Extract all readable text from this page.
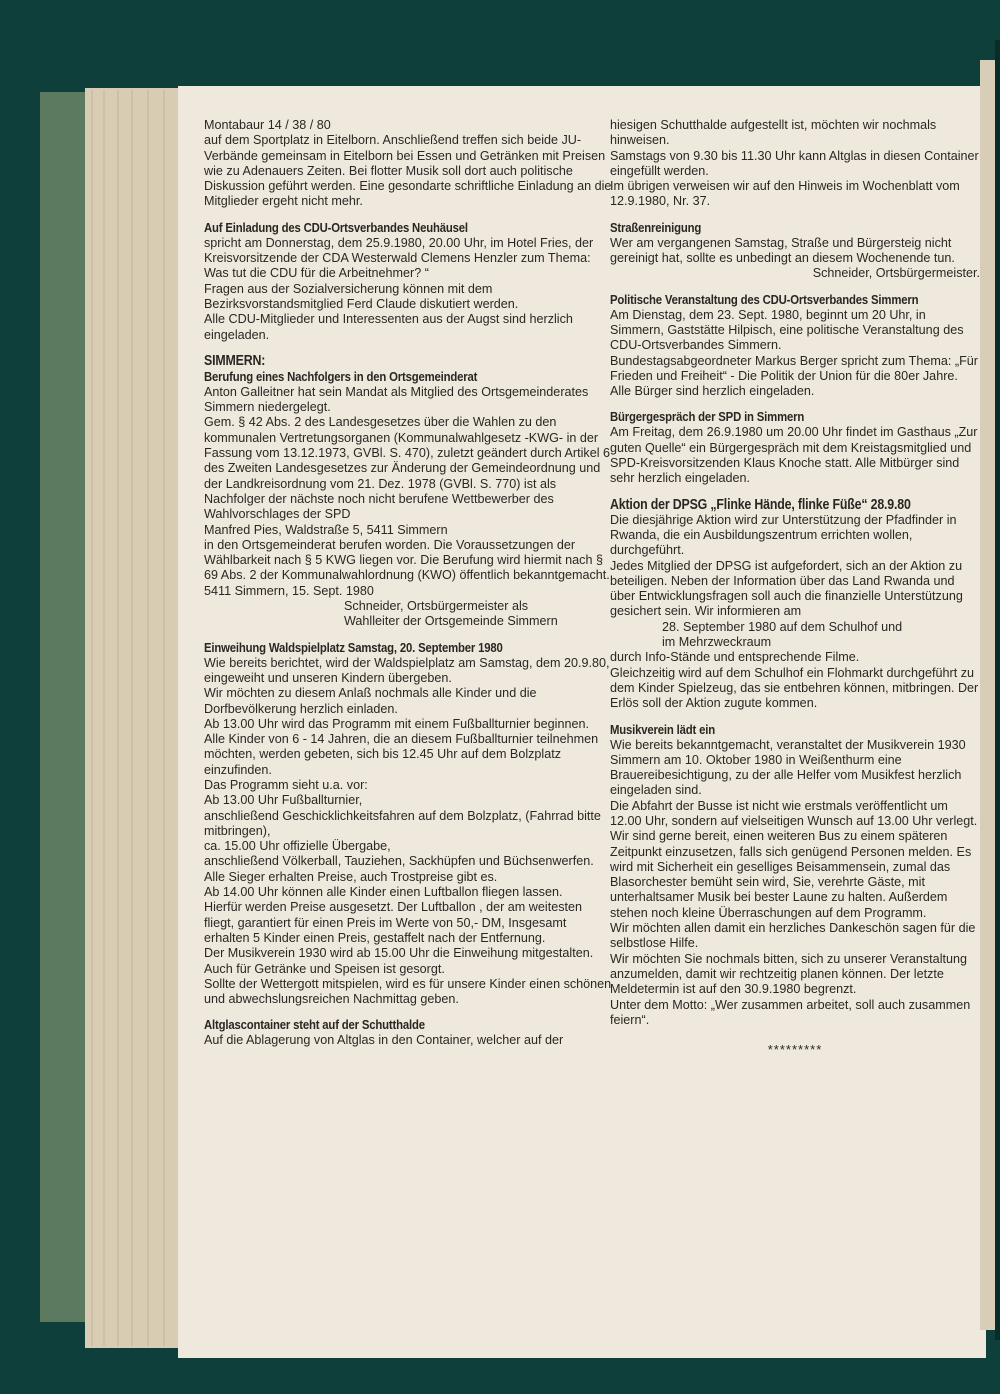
Montabaur 14 / 38 / 80

auf dem Sportplatz in Eitelborn. Anschließend treffen sich beide JU-Verbände gemeinsam in Eitelborn bei Essen und Getränken mit Preisen wie zu Adenauers Zeiten. Bei flotter Musik soll dort auch politische Diskussion geführt werden. Eine gesondarte schriftliche Einladung an die Mitglieder ergeht nicht mehr.

Auf Einladung des CDU-Ortsverbandes Neuhäusel

spricht am Donnerstag, dem 25.9.1980, 20.00 Uhr, im Hotel Fries, der Kreisvorsitzende der CDA Westerwald Clemens Henzler zum Thema:

Was tut die CDU für die Arbeitnehmer? “

Fragen aus der Sozialversicherung können mit dem Bezirksvorstandsmitglied Ferd Claude diskutiert werden.

Alle CDU-Mitglieder und Interessenten aus der Augst sind herzlich eingeladen.

SIMMERN:
Berufung eines Nachfolgers in den Ortsgemeinderat

Anton Galleitner hat sein Mandat als Mitglied des Ortsgemeinderates Simmern niedergelegt.

Gem. § 42 Abs. 2 des Landesgesetzes über die Wahlen zu den kommunalen Vertretungsorganen (Kommunalwahlgesetz -KWG- in der Fassung vom 13.12.1973, GVBl. S. 470), zuletzt geändert durch Artikel 6 des Zweiten Landesgesetzes zur Änderung der Gemeindeordnung und der Landkreisordnung vom 21. Dez. 1978 (GVBl. S. 770) ist als Nachfolger der nächste noch nicht berufene Wettbewerber des Wahlvorschlages der SPD

Manfred Pies, Waldstraße 5, 5411 Simmern

in den Ortsgemeinderat berufen worden. Die Voraussetzungen der Wählbarkeit nach § 5 KWG liegen vor. Die Berufung wird hiermit nach § 69 Abs. 2 der Kommunalwahlordnung (KWO) öffentlich bekanntgemacht.

5411 Simmern, 15. Sept. 1980

Schneider, Ortsbürgermeister als

Wahlleiter der Ortsgemeinde Simmern

Einweihung Waldspielplatz Samstag, 20. September 1980

Wie bereits berichtet, wird der Waldspielplatz am Samstag, dem 20.9.80, eingeweiht und unseren Kindern übergeben.

Wir möchten zu diesem Anlaß nochmals alle Kinder und die Dorfbevölkerung herzlich einladen.

Ab 13.00 Uhr wird das Programm mit einem Fußballturnier beginnen.

Alle Kinder von 6 - 14 Jahren, die an diesem Fußballturnier teilnehmen möchten, werden gebeten, sich bis 12.45 Uhr auf dem Bolzplatz einzufinden.

Das Programm sieht u.a. vor:

Ab 13.00 Uhr Fußballturnier,

anschließend Geschicklichkeitsfahren auf dem Bolzplatz, (Fahrrad bitte mitbringen),

ca. 15.00 Uhr offizielle Übergabe,

anschließend Völkerball, Tauziehen, Sackhüpfen und Büchsenwerfen.

Alle Sieger erhalten Preise, auch Trostpreise gibt es.

Ab 14.00 Uhr können alle Kinder einen Luftballon fliegen lassen.

Hierfür werden Preise ausgesetzt. Der Luftballon , der am weitesten fliegt, garantiert für einen Preis im Werte von 50,- DM, Insgesamt erhalten 5 Kinder einen Preis, gestaffelt nach der Entfernung.

Der Musikverein 1930 wird ab 15.00 Uhr die Einweihung mitgestalten.

Auch für Getränke und Speisen ist gesorgt.

Sollte der Wettergott mitspielen, wird es für unsere Kinder einen schönen und abwechslungsreichen Nachmittag geben.

Altglascontainer steht auf der Schutthalde

Auf die Ablagerung von Altglas in den Container, welcher auf der

hiesigen Schutthalde aufgestellt ist, möchten wir nochmals hinweisen.

Samstags von 9.30 bis 11.30 Uhr kann Altglas in diesen Container eingefüllt werden.

Im übrigen verweisen wir auf den Hinweis im Wochenblatt vom 12.9.1980, Nr. 37.

Straßenreinigung

Wer am vergangenen Samstag, Straße und Bürgersteig nicht gereinigt hat, sollte es unbedingt an diesem Wochenende tun.

Schneider, Ortsbürgermeister.

Politische Veranstaltung des CDU-Ortsverbandes Simmern

Am Dienstag, dem 23. Sept. 1980, beginnt um 20 Uhr, in Simmern, Gaststätte Hilpisch, eine politische Veranstaltung des CDU-Ortsverbandes Simmern.

Bundestagsabgeordneter Markus Berger spricht zum Thema: „Für Frieden und Freiheit“ - Die Politik der Union für die 80er Jahre. Alle Bürger sind herzlich eingeladen.

Bürgergespräch der SPD in Simmern

Am Freitag, dem 26.9.1980 um 20.00 Uhr findet im Gasthaus „Zur guten Quelle“ ein Bürgergespräch mit dem Kreistagsmitglied und SPD-Kreisvorsitzenden Klaus Knoche statt. Alle Mitbürger sind sehr herzlich eingeladen.

Aktion der DPSG „Flinke Hände, flinke Füße“ 28.9.80

Die diesjährige Aktion wird zur Unterstützung der Pfadfinder in Rwanda, die ein Ausbildungszentrum errichten wollen, durchgeführt.

Jedes Mitglied der DPSG ist aufgefordert, sich an der Aktion zu beteiligen. Neben der Information über das Land Rwanda und über Entwicklungsfragen soll auch die finanzielle Unterstützung gesichert sein. Wir informieren am

28. September 1980 auf dem Schulhof und

im Mehrzweckraum

durch Info-Stände und entsprechende Filme.

Gleichzeitig wird auf dem Schulhof ein Flohmarkt durchgeführt zu dem Kinder Spielzeug, das sie entbehren können, mitbringen. Der Erlös soll der Aktion zugute kommen.

Musikverein lädt ein

Wie bereits bekanntgemacht, veranstaltet der Musikverein 1930 Simmern am 10. Oktober 1980 in Weißenthurm eine Brauereibesichtigung, zu der alle Helfer vom Musikfest herzlich eingeladen sind.

Die Abfahrt der Busse ist nicht wie erstmals veröffentlicht um 12.00 Uhr, sondern auf vielseitigen Wunsch auf 13.00 Uhr verlegt.

Wir sind gerne bereit, einen weiteren Bus zu einem späteren Zeitpunkt einzusetzen, falls sich genügend Personen melden. Es wird mit Sicherheit ein geselliges Beisammensein, zumal das Blasorchester bemüht sein wird, Sie, verehrte Gäste, mit unterhaltsamer Musik bei bester Laune zu halten. Außerdem stehen noch kleine Überraschungen auf dem Programm.

Wir möchten allen damit ein herzliches Dankeschön sagen für die selbstlose Hilfe.

Wir möchten Sie nochmals bitten, sich zu unserer Veranstaltung anzumelden, damit wir rechtzeitig planen können. Der letzte Meldetermin ist auf den 30.9.1980 begrenzt.

Unter dem Motto: „Wer zusammen arbeitet, soll auch zusammen feiern“.

*********
